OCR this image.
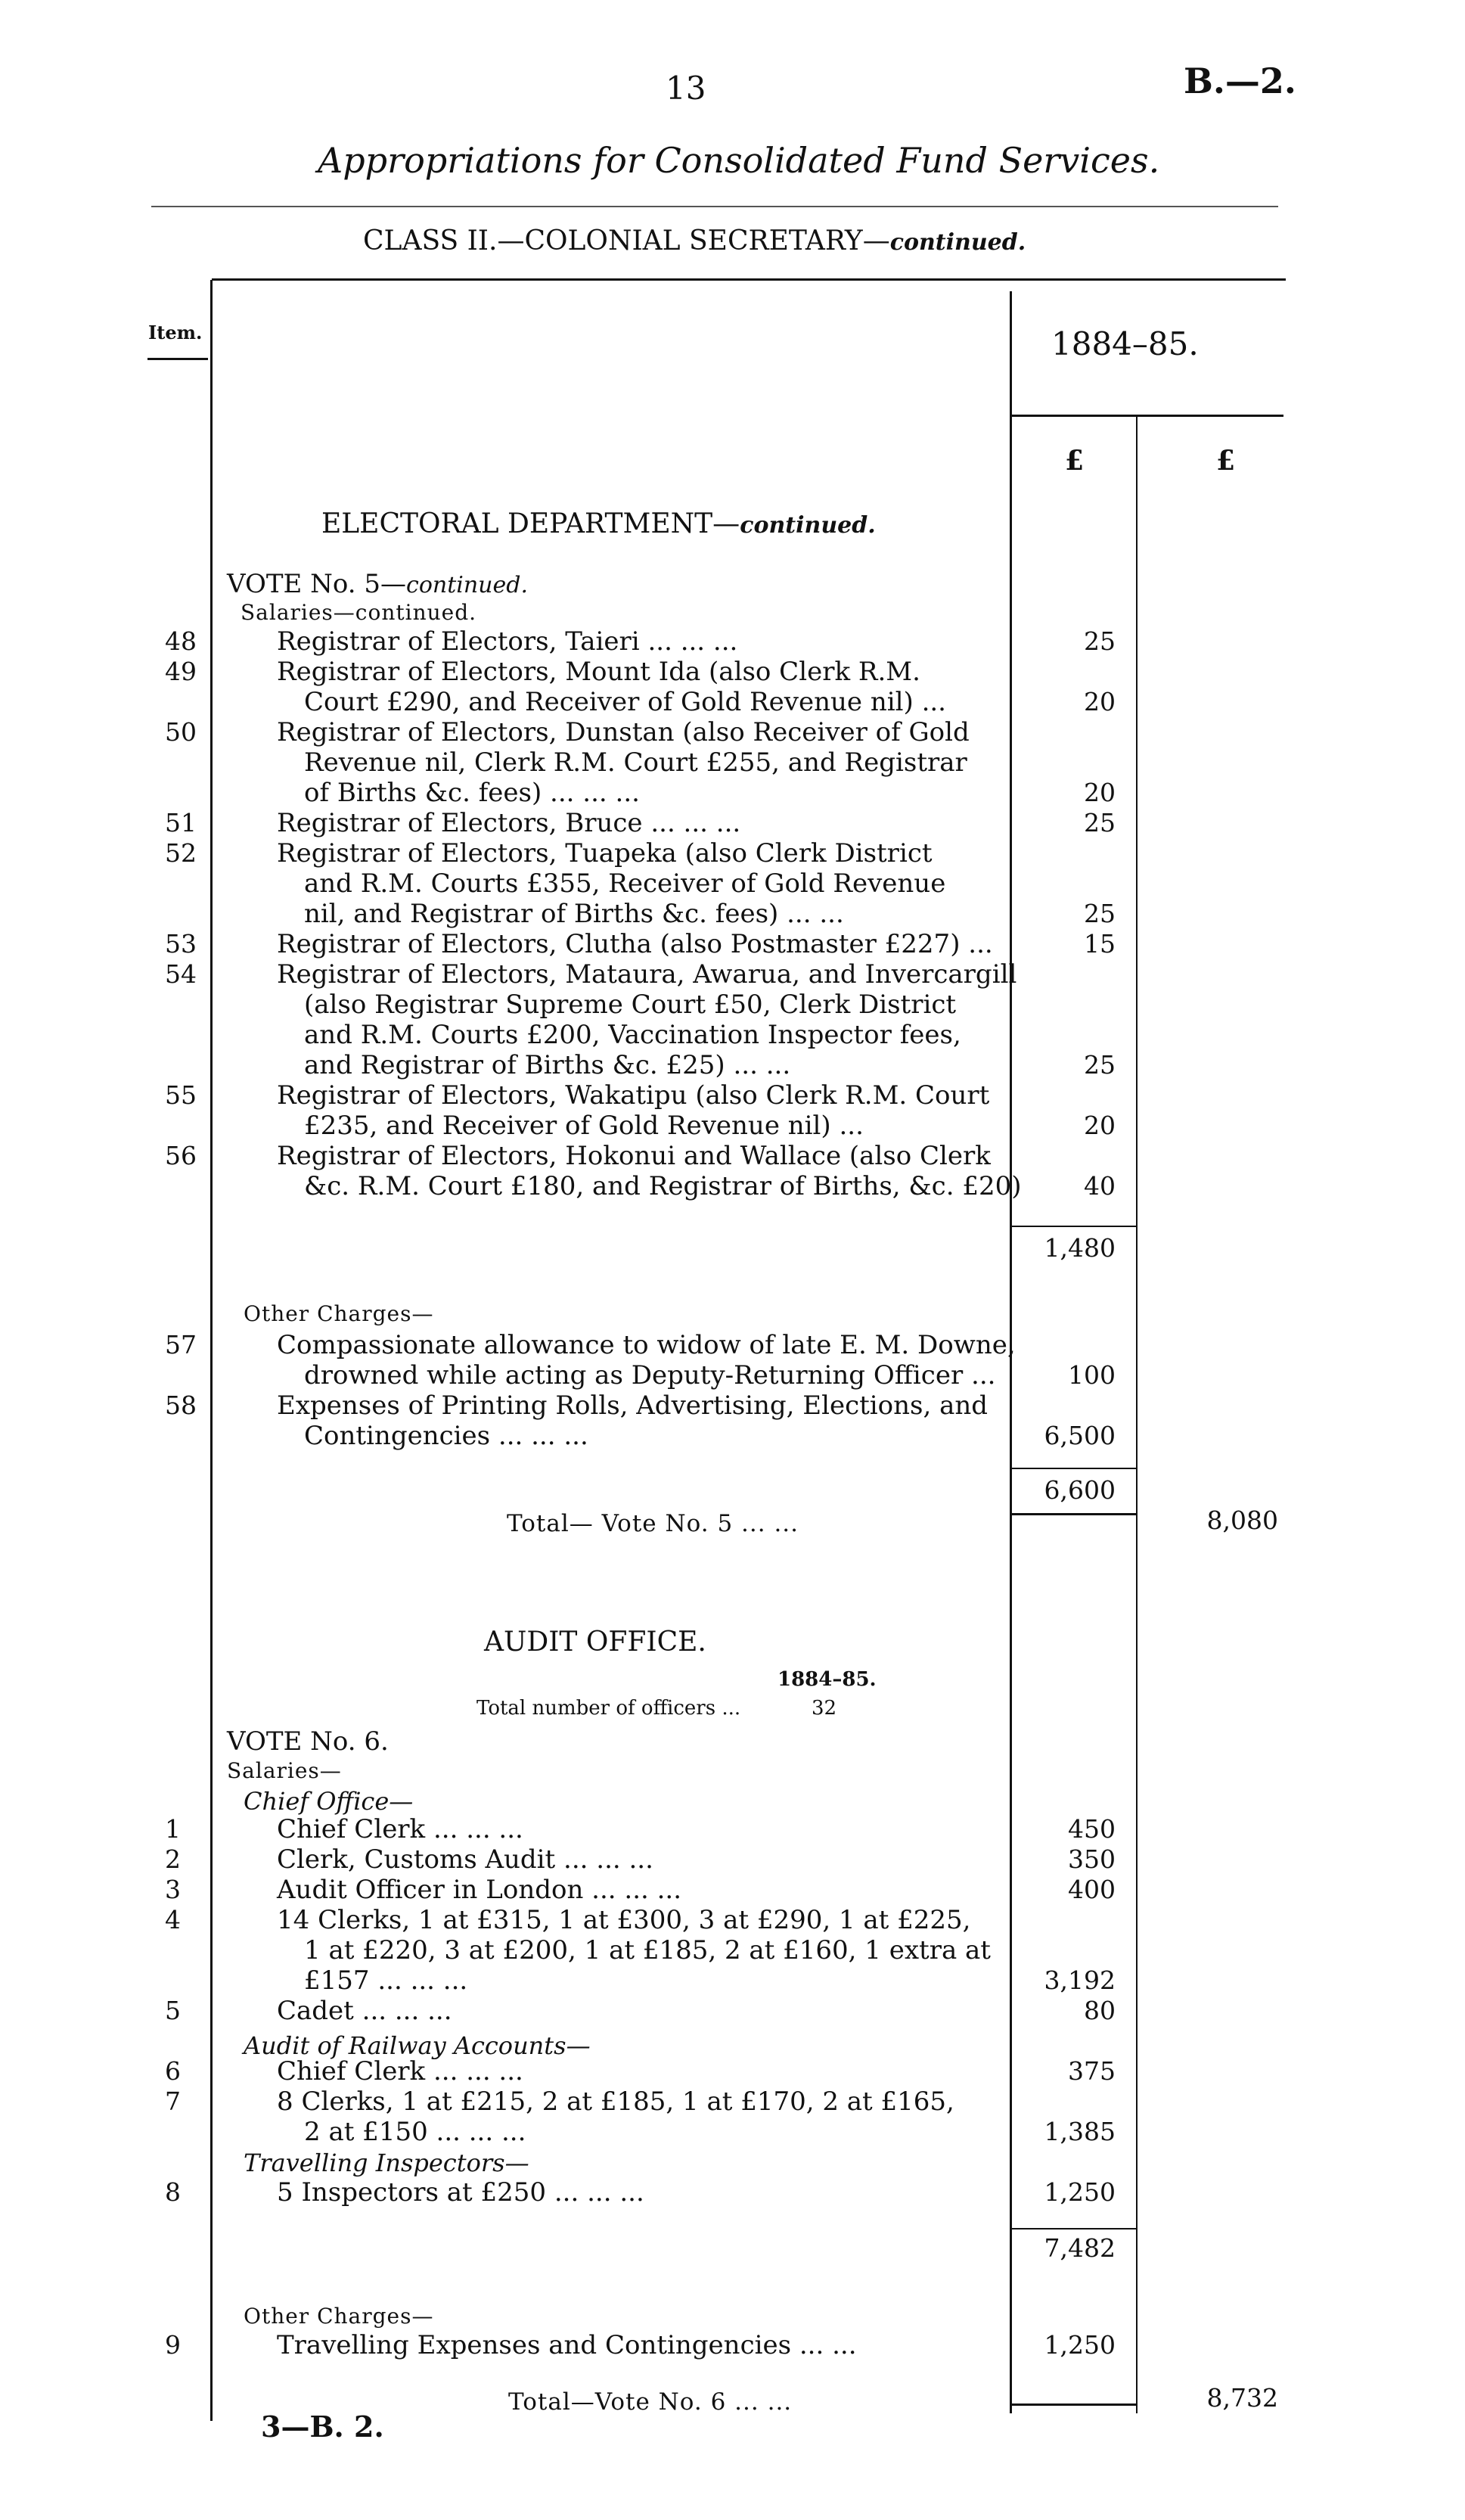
13	B.—2.
Appropriations for Consolidated Fund Services.
CLASS II.—COLONIAL SECRETARY—continued.
Item.	1884–85.
£	£
ELECTORAL DEPARTMENT—continued.
VOTE No. 5—continued.
Salaries—continued.
48	Registrar of Electors, Taieri ... ... ...	25
49	Registrar of Electors, Mount Ida (also Clerk R.M.
Court £290, and Receiver of Gold Revenue nil) ...	20
50	Registrar of Electors, Dunstan (also Receiver of Gold
Revenue nil, Clerk R.M. Court £255, and Registrar
of Births &c. fees) ... ... ...	20
51	Registrar of Electors, Bruce ... ... ...	25
52	Registrar of Electors, Tuapeka (also Clerk District
and R.M. Courts £355, Receiver of Gold Revenue
nil, and Registrar of Births &c. fees) ... ...	25
53	Registrar of Electors, Clutha (also Postmaster £227) ...	15
54	Registrar of Electors, Mataura, Awarua, and Invercargill
(also Registrar Supreme Court £50, Clerk District
and R.M. Courts £200, Vaccination Inspector fees,
and Registrar of Births &c. £25) ... ...	25
55	Registrar of Electors, Wakatipu (also Clerk R.M. Court
£235, and Receiver of Gold Revenue nil) ...	20
56	Registrar of Electors, Hokonui and Wallace (also Clerk
&c. R.M. Court £180, and Registrar of Births, &c. £20)	40
1,480
Other Charges—
57	Compassionate allowance to widow of late E. M. Downe,
drowned while acting as Deputy-Returning Officer ...	100
58	Expenses of Printing Rolls, Advertising, Elections, and
Contingencies ... ... ...	6,500
6,600
Total— Vote No. 5 ... ...	8,080
AUDIT OFFICE.
1884–85.
Total number of officers ...	32
VOTE No. 6.
Salaries—
Chief Office—
1	Chief Clerk ... ... ...	450
2	Clerk, Customs Audit ... ... ...	350
3	Audit Officer in London ... ... ...	400
4	14 Clerks, 1 at £315, 1 at £300, 3 at £290, 1 at £225,
1 at £220, 3 at £200, 1 at £185, 2 at £160, 1 extra at
£157 ... ... ...	3,192
5	Cadet ... ... ...	80
Audit of Railway Accounts—
6	Chief Clerk ... ... ...	375
7	8 Clerks, 1 at £215, 2 at £185, 1 at £170, 2 at £165,
2 at £150 ... ... ...	1,385
Travelling Inspectors—
8	5 Inspectors at £250 ... ... ...	1,250
7,482
Other Charges—
9	Travelling Expenses and Contingencies ... ...	1,250
Total—Vote No. 6 ... ...	8,732
3—B. 2.
